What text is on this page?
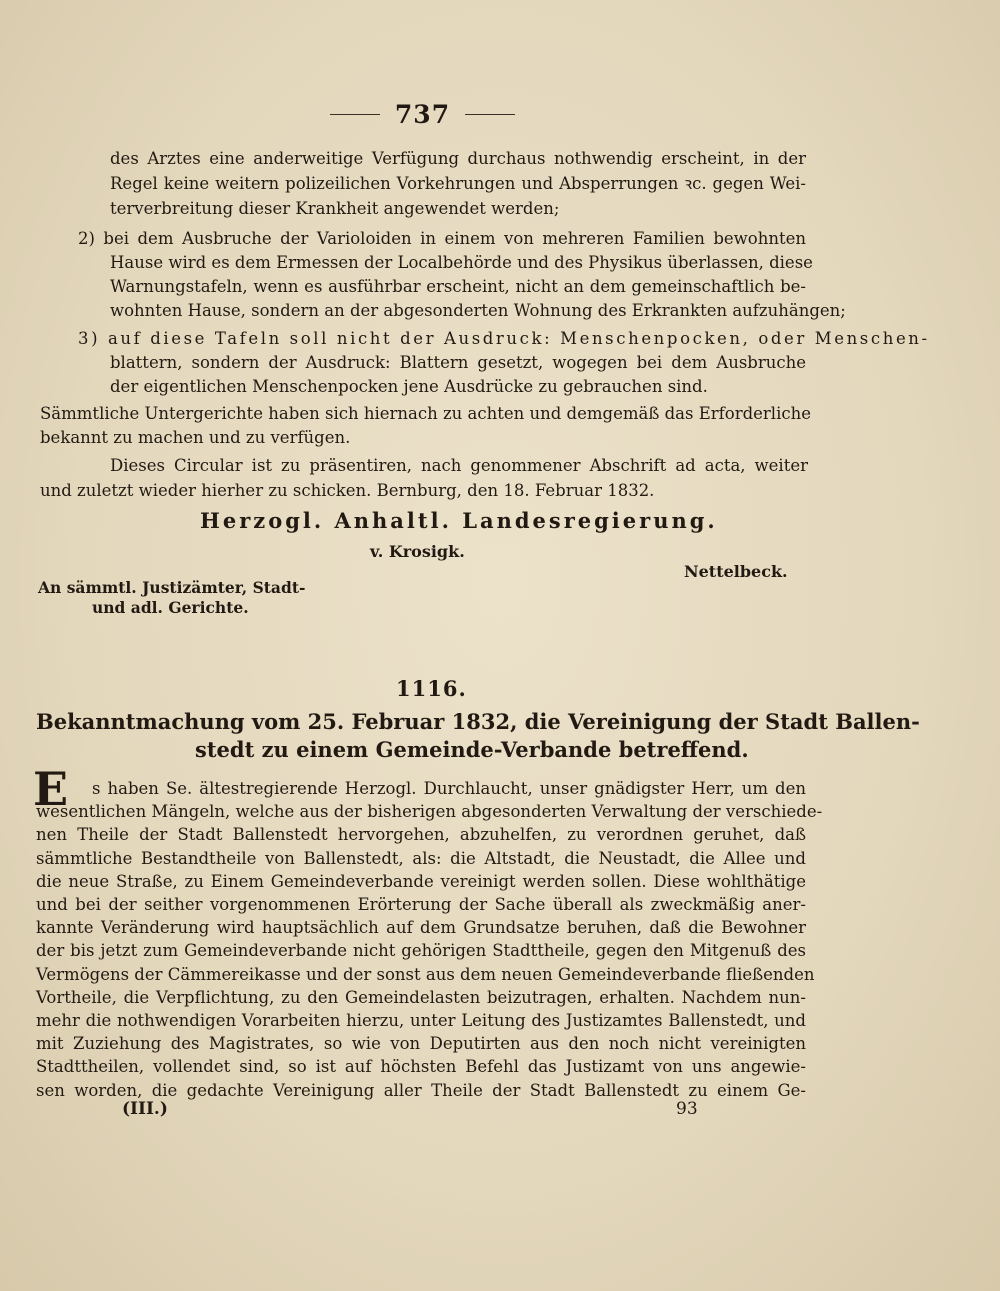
737
des Arztes eine anderweitige Verfügung durchaus nothwendig erscheint, in der
Regel keine weitern polizeilichen Vorkehrungen und Absperrungen ꝛc. gegen Wei-
terverbreitung dieser Krankheit angewendet werden;
2) bei dem Ausbruche der Varioloiden in einem von mehreren Familien bewohnten
Hause wird es dem Ermessen der Localbehörde und des Physikus überlassen, diese
Warnungstafeln, wenn es ausführbar erscheint, nicht an dem gemeinschaftlich be-
wohnten Hause, sondern an der abgesonderten Wohnung des Erkrankten aufzuhängen;
3) auf diese Tafeln soll nicht der Ausdruck: Menschenpocken, oder Menschen-
blattern, sondern der Ausdruck: Blattern gesetzt, wogegen bei dem Ausbruche
der eigentlichen Menschenpocken jene Ausdrücke zu gebrauchen sind.
Sämmtliche Untergerichte haben sich hiernach zu achten und demgemäß das Erforderliche
bekannt zu machen und zu verfügen.
Dieses Circular ist zu präsentiren, nach genommener Abschrift ad acta, weiter
und zuletzt wieder hierher zu schicken. Bernburg, den 18. Februar 1832.
Herzogl. Anhaltl. Landesregierung.
v. Krosigk.
Nettelbeck.
An sämmtl. Justizämter, Stadt-
und adl. Gerichte.
1116.
Bekanntmachung vom 25. Februar 1832, die Vereinigung der Stadt Ballen-
stedt zu einem Gemeinde-Verbande betreffend.
E s haben Se. ältestregierende Herzogl. Durchlaucht, unser gnädigster Herr, um den
wesentlichen Mängeln, welche aus der bisherigen abgesonderten Verwaltung der verschiede-
nen Theile der Stadt Ballenstedt hervorgehen, abzuhelfen, zu verordnen geruhet, daß
sämmtliche Bestandtheile von Ballenstedt, als: die Altstadt, die Neustadt, die Allee und
die neue Straße, zu Einem Gemeindeverbande vereinigt werden sollen. Diese wohlthätige
und bei der seither vorgenommenen Erörterung der Sache überall als zweckmäßig aner-
kannte Veränderung wird hauptsächlich auf dem Grundsatze beruhen, daß die Bewohner
der bis jetzt zum Gemeindeverbande nicht gehörigen Stadttheile, gegen den Mitgenuß des
Vermögens der Cämmereikasse und der sonst aus dem neuen Gemeindeverbande fließenden
Vortheile, die Verpflichtung, zu den Gemeindelasten beizutragen, erhalten. Nachdem nun-
mehr die nothwendigen Vorarbeiten hierzu, unter Leitung des Justizamtes Ballenstedt, und
mit Zuziehung des Magistrates, so wie von Deputirten aus den noch nicht vereinigten
Stadttheilen, vollendet sind, so ist auf höchsten Befehl das Justizamt von uns angewie-
sen worden, die gedachte Vereinigung aller Theile der Stadt Ballenstedt zu einem Ge-
(III.)	93
